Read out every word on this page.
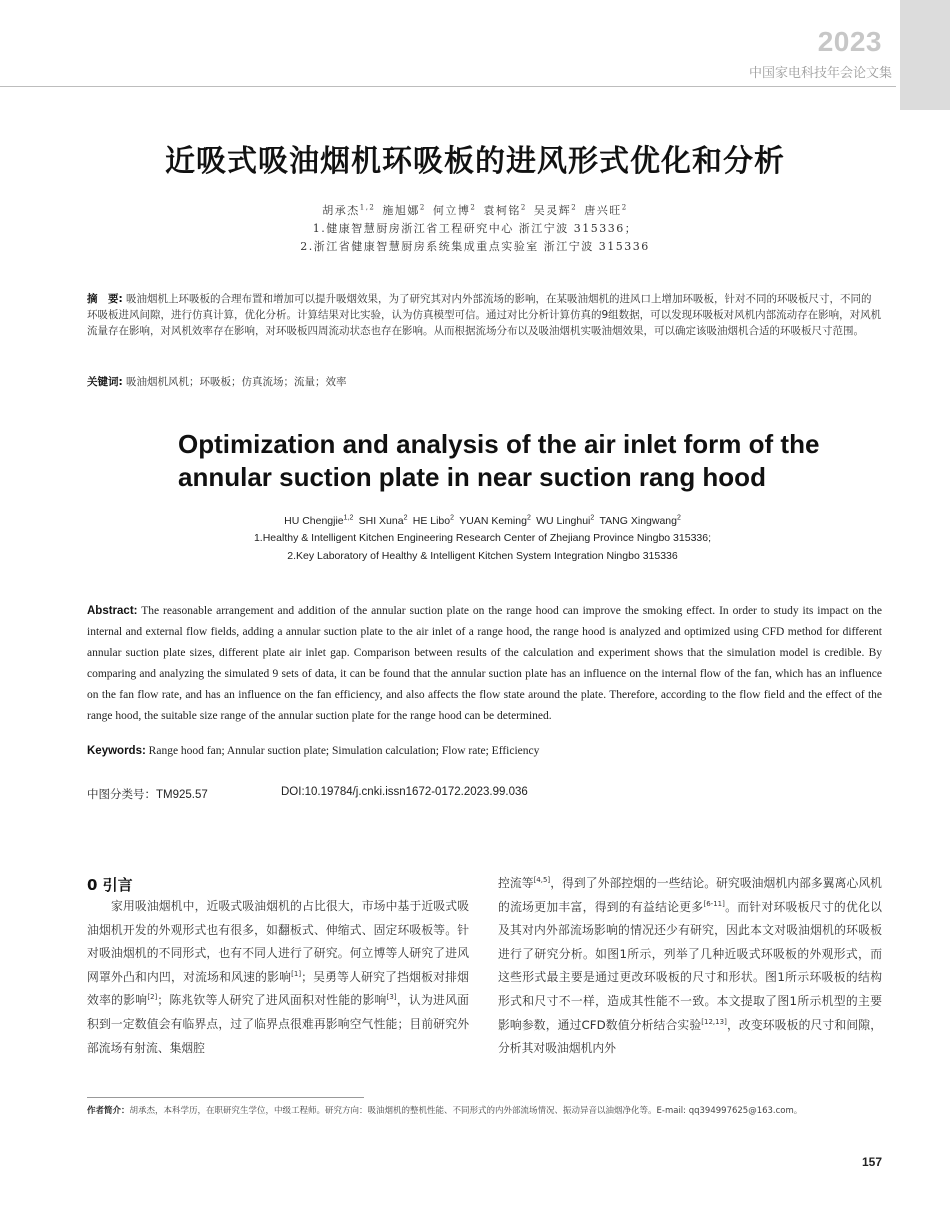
2023
中国家电科技年会论文集
近吸式吸油烟机环吸板的进风形式优化和分析
胡承杰$^{1,2}$  施旭娜$^2$  何立博$^2$  袁柯铭$^2$  吴灵辉$^2$  唐兴旺$^2$
1.健康智慧厨房浙江省工程研究中心 浙江宁波 315336；
2.浙江省健康智慧厨房系统集成重点实验室 浙江宁波 315336
摘　要: 吸油烟机上环吸板的合理布置和增加可以提升吸烟效果，为了研究其对内外部流场的影响，在某吸油烟机的进风口上增加环吸板，针对不同的环吸板尺寸，不同的环吸板进风间隙，进行仿真计算，优化分析。计算结果对比实验，认为仿真模型可信。通过对比分析计算仿真的9组数据，可以发现环吸板对风机内部流动存在影响，对风机流量存在影响，对风机效率存在影响，对环吸板四周流动状态也存在影响。从而根据流场分布以及吸油烟机实吸油烟效果，可以确定该吸油烟机合适的环吸板尺寸范围。
关键词: 吸油烟机风机；环吸板；仿真流场；流量；效率
Optimization and analysis of the air inlet form of the
annular suction plate in near suction rang hood
HU Chengjie$^{1,2}$  SHI Xuna$^2$  HE Libo$^2$  YUAN Keming$^2$  WU Linghui$^2$  TANG Xingwang$^2$
1.Healthy & Intelligent Kitchen Engineering Research Center of Zhejiang Province Ningbo 315336;
2.Key Laboratory of Healthy & Intelligent Kitchen System Integration Ningbo 315336
Abstract: The reasonable arrangement and addition of the annular suction plate on the range hood can improve the smoking effect. In order to study its impact on the internal and external flow fields, adding a annular suction plate to the air inlet of a range hood, the range hood is analyzed and optimized using CFD method for different annular suction plate sizes, different plate air inlet gap. Comparison between results of the calculation and experiment shows that the simulation model is credible. By comparing and analyzing the simulated 9 sets of data, it can be found that the annular suction plate has an influence on the internal flow of the fan, which has an influence on the fan flow rate, and has an influence on the fan efficiency, and also affects the flow state around the plate. Therefore, according to the flow field and the effect of the range hood, the suitable size range of the annular suction plate for the range hood can be determined.
Keywords: Range hood fan; Annular suction plate; Simulation calculation; Flow rate; Efficiency
中图分类号：TM925.57	DOI:10.19784/j.cnki.issn1672-0172.2023.99.036
0 引言
家用吸油烟机中，近吸式吸油烟机的占比很大，市场中基于近吸式吸油烟机开发的外观形式也有很多，如翻板式、伸缩式、固定环吸板等。针对吸油烟机的不同形式，也有不同人进行了研究。何立博等人研究了进风网罩外凸和内凹，对流场和风速的影响[1]；吴勇等人研究了挡烟板对排烟效率的影响[2]；陈兆钦等人研究了进风面积对性能的影响[3]，认为进风面积到一定数值会有临界点，过了临界点很难再影响空气性能；目前研究外部流场有射流、集烟腔
控流等[4,5]，得到了外部控烟的一些结论。研究吸油烟机内部多翼离心风机的流场更加丰富，得到的有益结论更多[6-11]。而针对环吸板尺寸的优化以及其对内外部流场影响的情况还少有研究，因此本文对吸油烟机的环吸板进行了研究分析。如图1所示，列举了几种近吸式环吸板的外观形式，而这些形式最主要是通过更改环吸板的尺寸和形状。图1所示环吸板的结构形式和尺寸不一样，造成其性能不一致。本文提取了图1所示机型的主要影响参数，通过CFD数值分析结合实验[12,13]，改变环吸板的尺寸和间隙，分析其对吸油烟机内外
作者简介：胡承杰，本科学历，在职研究生学位，中级工程师。研究方向：吸油烟机的整机性能、不同形式的内外部流场情况、振动异音以油烟净化等。E-mail: qq394997625@163.com。
157
